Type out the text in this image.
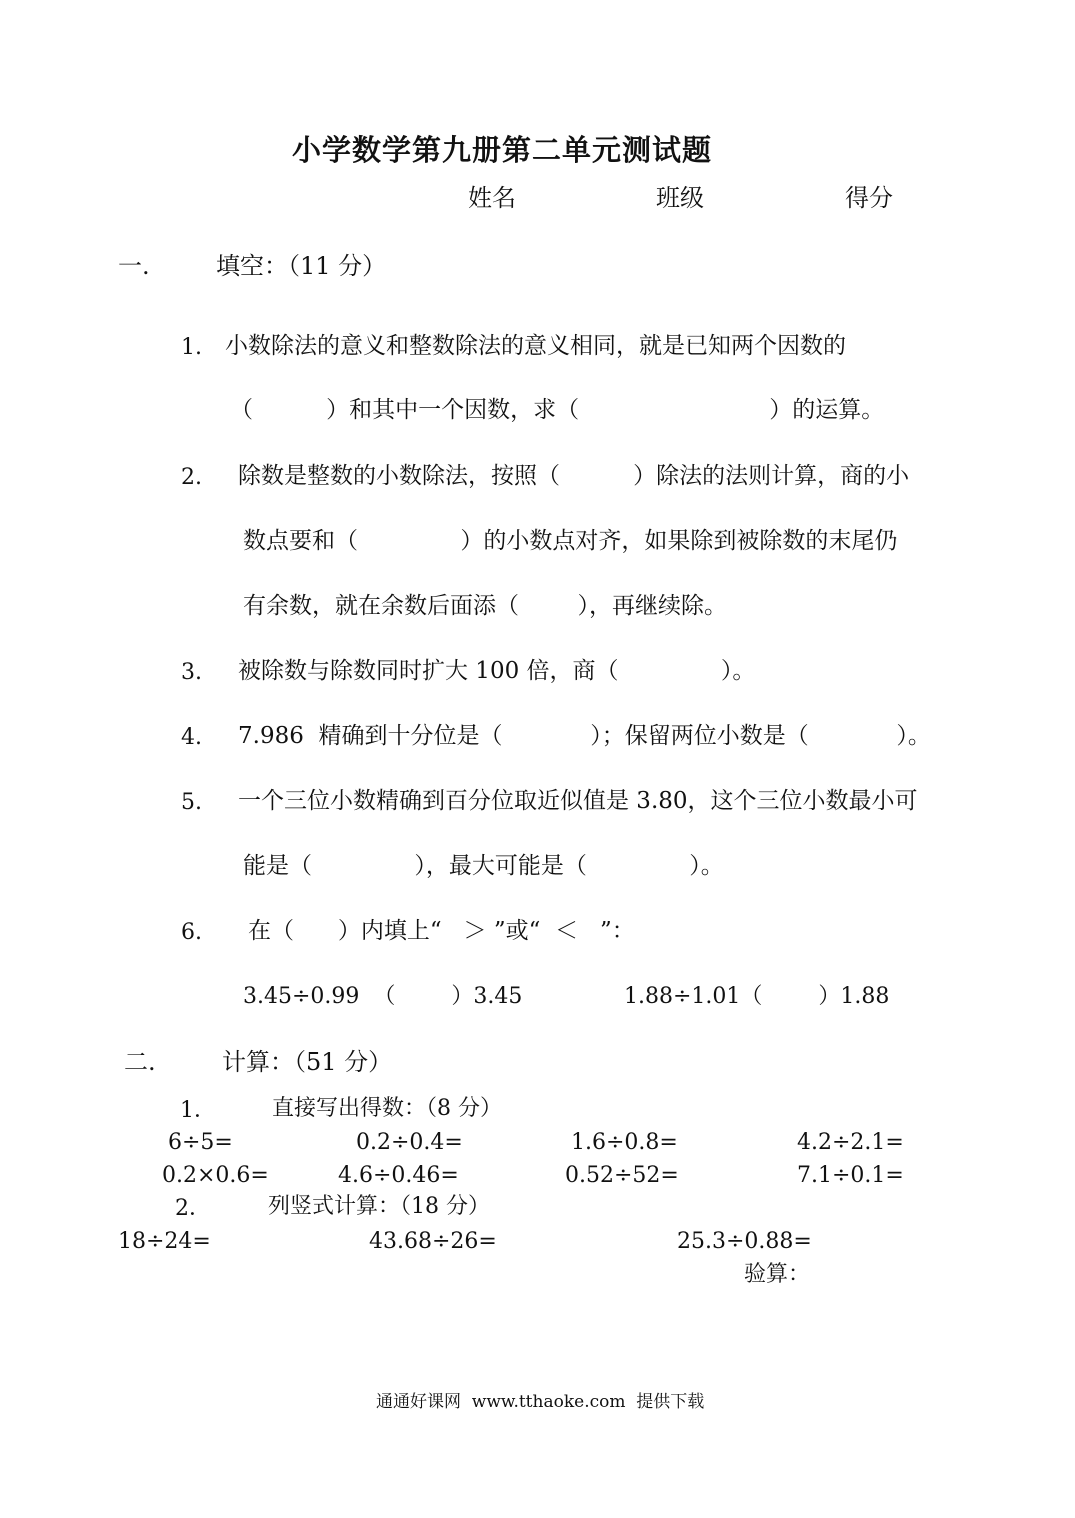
小学数学第九册第二单元测试题
姓名	班级	得分
一.	填空：（11 分）
1. 小数除法的意义和整数除法的意义相同，就是已知两个因数的
（          ）和其中一个因数，求（                          ）的运算。
2. 除数是整数的小数除法，按照（          ）除法的法则计算，商的小
数点要和（              ）的小数点对齐，如果除到被除数的末尾仍
有余数，就在余数后面添（        ），再继续除。
3. 被除数与除数同时扩大 100 倍，商（              ）。
4. 7.986  精确到十分位是（            ）；保留两位小数是（            ）。
5. 一个三位小数精确到百分位取近似值是 3.80，这个三位小数最小可
能是（              ），最大可能是（              ）。
6. 在（      ）内填上“   ＞ ”或“  ＜   ”：
3.45÷0.99  （        ）3.45	1.88÷1.01（        ）1.88
二.	计算：（51 分）
1．	直接写出得数：（8 分）
6÷5=	0.2÷0.4=	1.6÷0.8=	4.2÷2.1=
0.2×0.6=	4.6÷0.46=	0.52÷52=	7.1÷0.1=
2．	列竖式计算：（18 分）
18÷24=	43.68÷26=	25.3÷0.88=
验算：
通通好课网  www.tthaoke.com  提供下载
